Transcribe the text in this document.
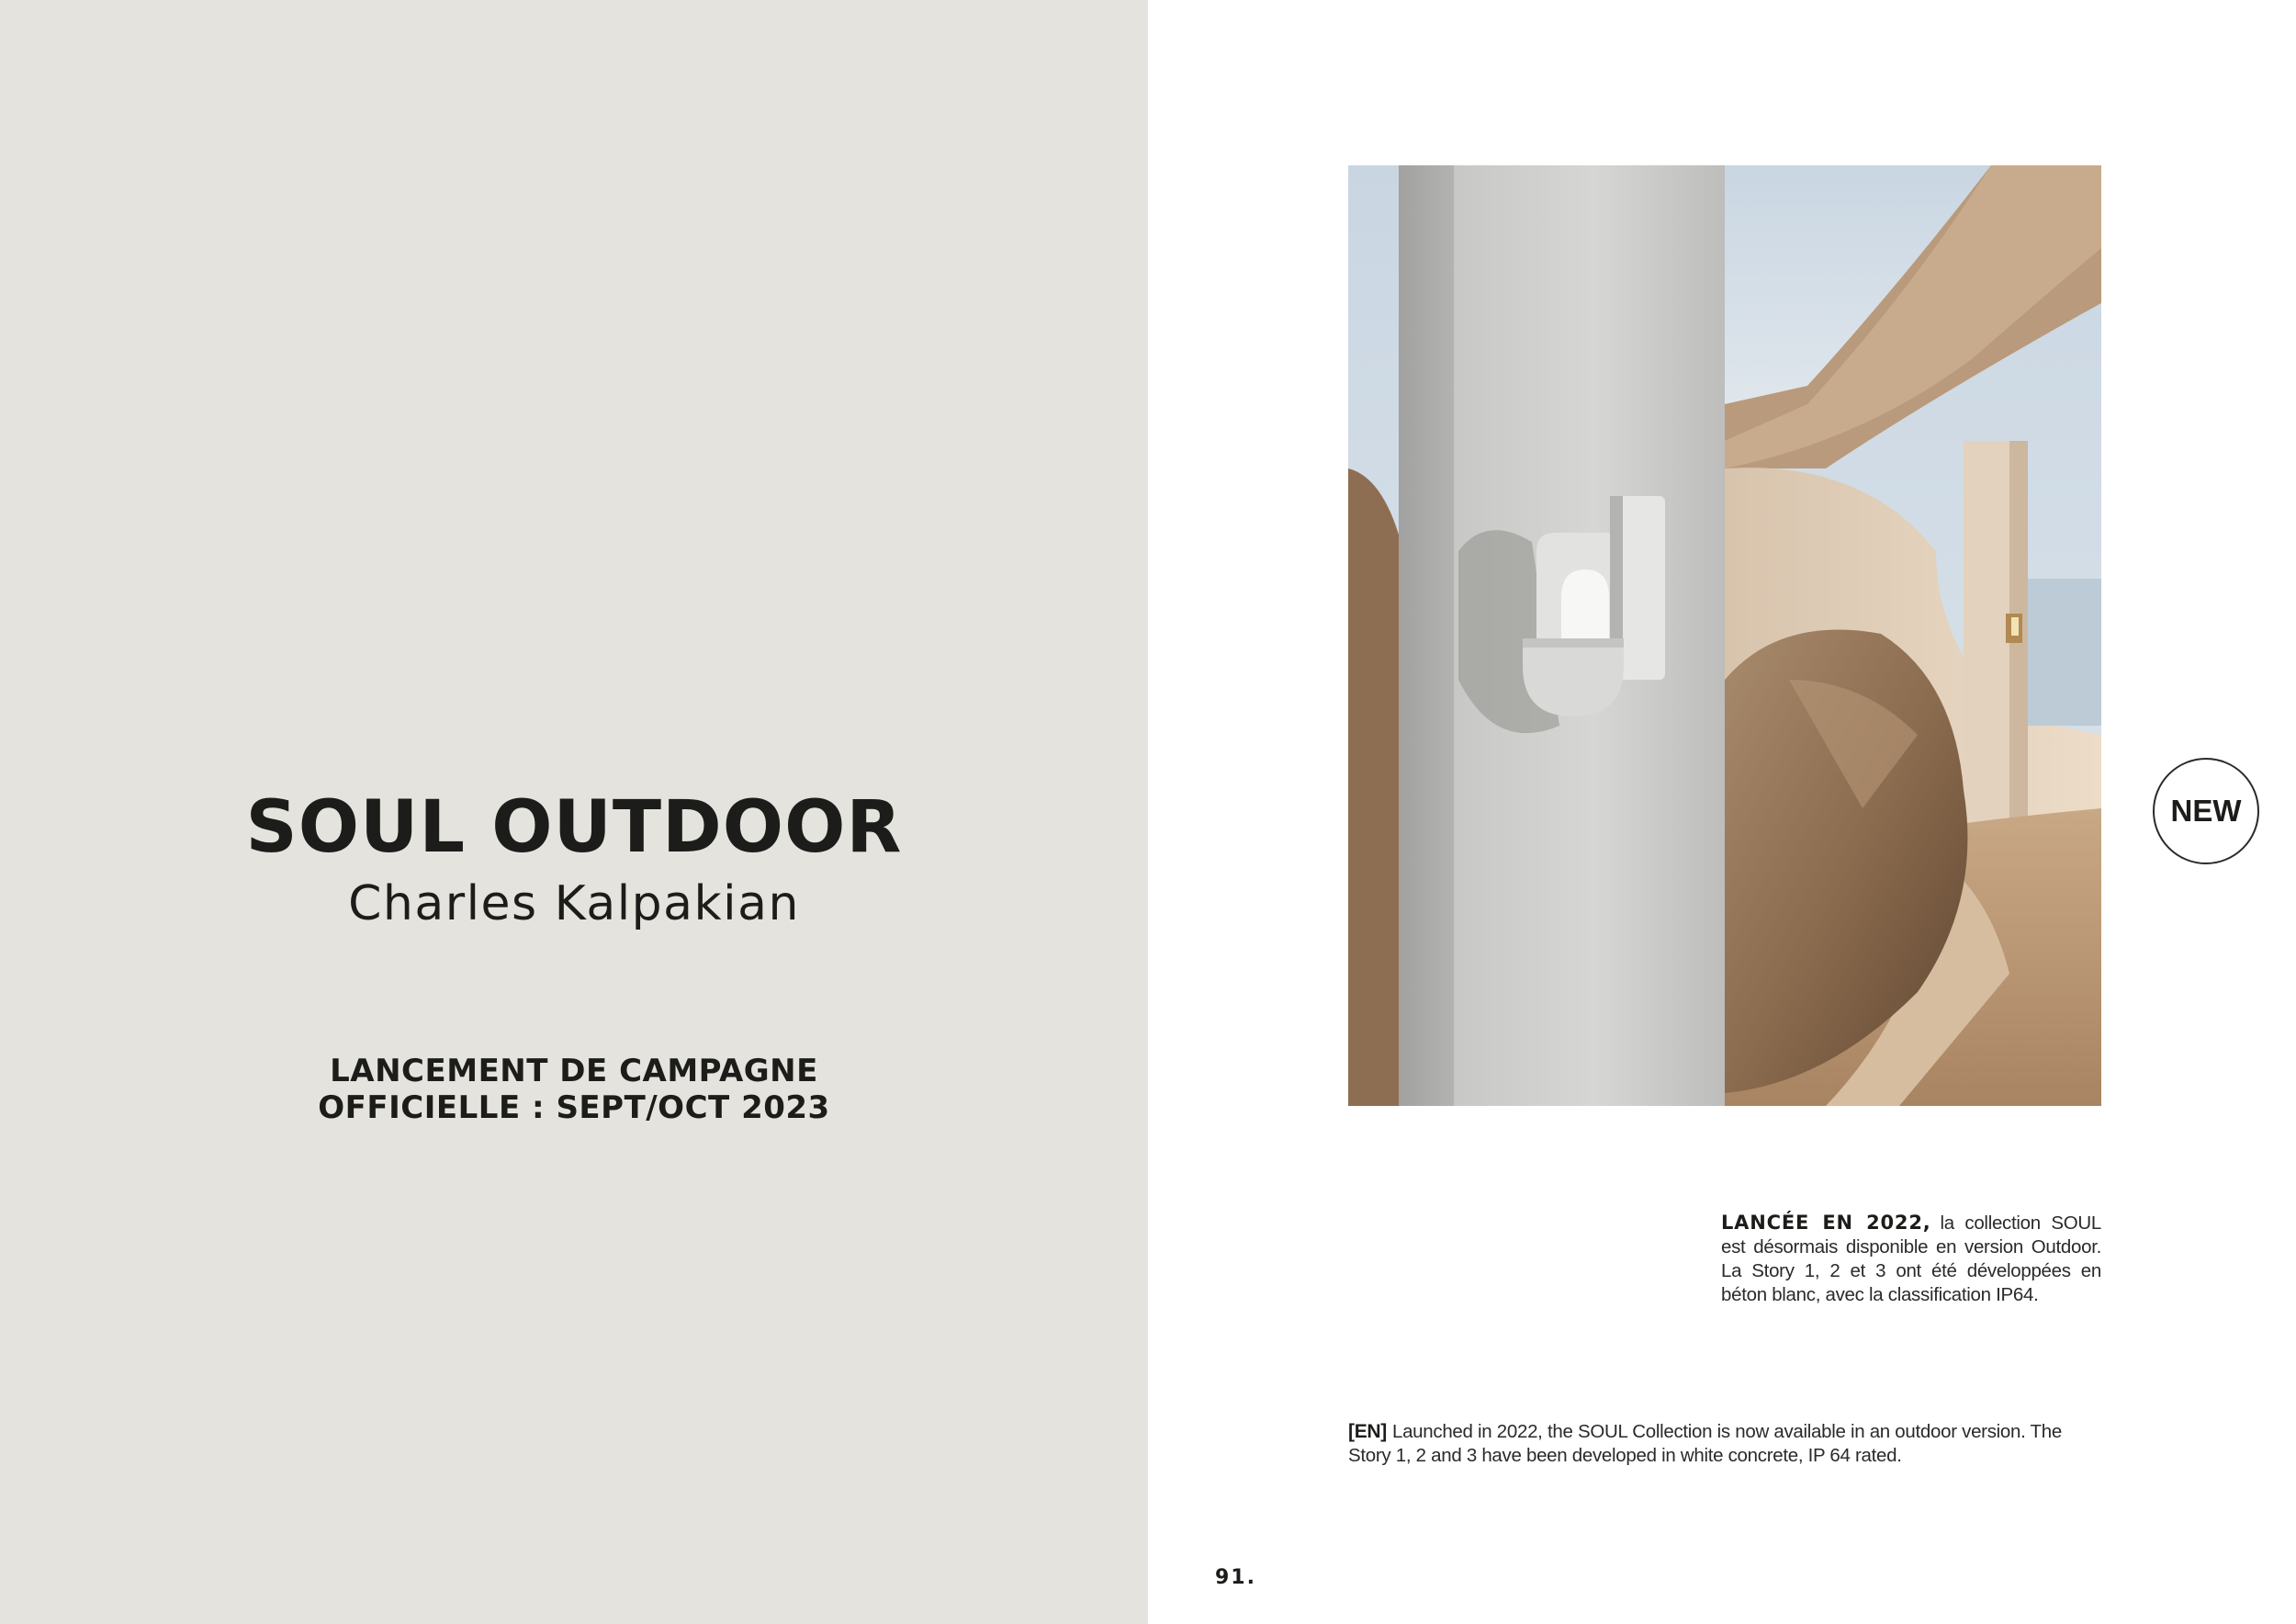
SOUL OUTDOOR
Charles Kalpakian
LANCEMENT DE CAMPAGNE
OFFICIELLE : SEPT/OCT 2023
NEW
LANCÉE EN 2022, la collection SOUL est désormais disponible en version Outdoor. La Story 1, 2 et 3 ont été développées en béton blanc, avec la classification IP64.
[EN] Launched in 2022, the SOUL Collection is now available in an outdoor version. The Story 1, 2 and 3 have been developed in white concrete, IP 64 rated.
91.
